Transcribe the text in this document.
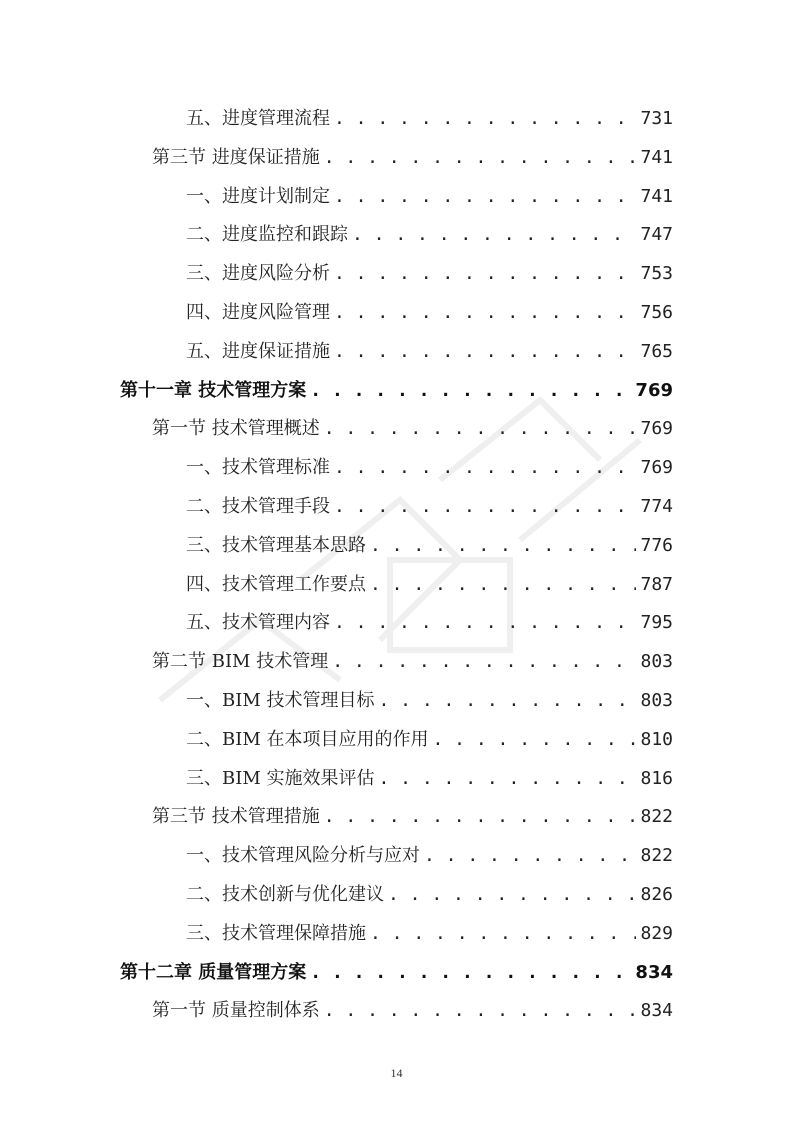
五、进度管理流程 . . .	731
第三节 进度保证措施 . . .	741
一、进度计划制定 . . .	741
二、进度监控和跟踪 . . .	747
三、进度风险分析 . . .	753
四、进度风险管理 . . .	756
五、进度保证措施 . . .	765
第十一章 技术管理方案 . . .	769
第一节 技术管理概述 . . .	769
一、技术管理标准 . . .	769
二、技术管理手段 . . .	774
三、技术管理基本思路 . . .	776
四、技术管理工作要点 . . .	787
五、技术管理内容 . . .	795
第二节 BIM 技术管理 . . .	803
一、BIM 技术管理目标 . . .	803
二、BIM 在本项目应用的作用 . . .	810
三、BIM 实施效果评估 . . .	816
第三节 技术管理措施 . . .	822
一、技术管理风险分析与应对 . . .	822
二、技术创新与优化建议 . . .	826
三、技术管理保障措施 . . .	829
第十二章 质量管理方案 . . .	834
第一节 质量控制体系 . . .	834
14
